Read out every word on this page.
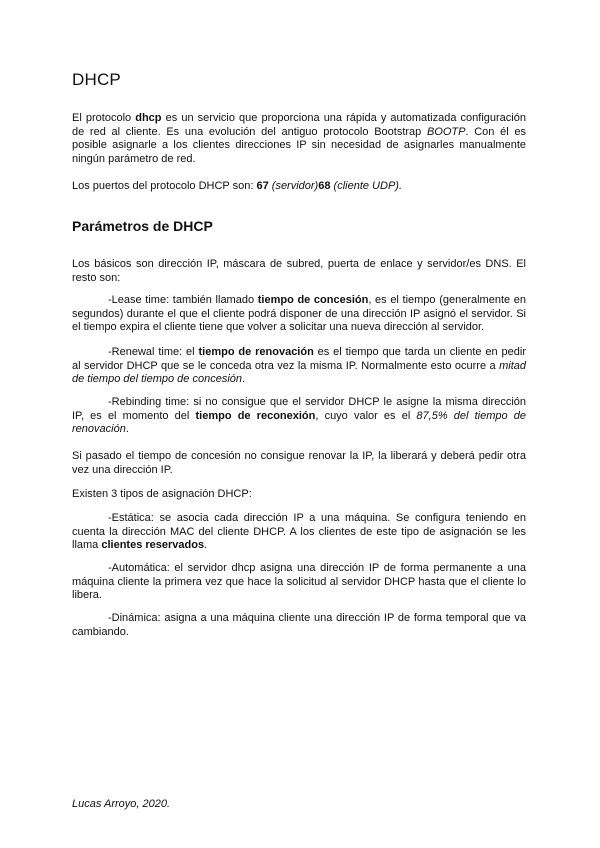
DHCP

El protocolo dhcp es un servicio que proporciona una rápida y automatizada configuración de red al cliente. Es una evolución del antiguo protocolo Bootstrap BOOTP. Con él es posible asignarle a los clientes direcciones IP sin necesidad de asignarles manualmente ningún parámetro de red.

Los puertos del protocolo DHCP son: 67 (servidor)68 (cliente UDP).

Parámetros de DHCP

Los básicos son dirección IP, máscara de subred, puerta de enlace y servidor/es DNS. El resto son:

-Lease time: también llamado tiempo de concesión, es el tiempo (generalmente en segundos) durante el que el cliente podrá disponer de una dirección IP asignó el servidor. Si el tiempo expira el cliente tiene que volver a solicitar una nueva dirección al servidor.

-Renewal time: el tiempo de renovación es el tiempo que tarda un cliente en pedir al servidor DHCP que se le conceda otra vez la misma IP. Normalmente esto ocurre a mitad de tiempo del tiempo de concesión.

-Rebinding time: si no consigue que el servidor DHCP le asigne la misma dirección IP, es el momento del tiempo de reconexión, cuyo valor es el 87,5% del tiempo de renovación.

Si pasado el tiempo de concesión no consigue renovar la IP, la liberará y deberá pedir otra vez una dirección IP.

Existen 3 tipos de asignación DHCP:

-Estática: se asocia cada dirección IP a una máquina. Se configura teniendo en cuenta la dirección MAC del cliente DHCP. A los clientes de este tipo de asignación se les llama clientes reservados.

-Automática: el servidor dhcp asigna una dirección IP de forma permanente a una máquina cliente la primera vez que hace la solicitud al servidor DHCP hasta que el cliente lo libera.

-Dinámica: asigna a una máquina cliente una dirección IP de forma temporal que va cambiando.

Lucas Arroyo, 2020.
